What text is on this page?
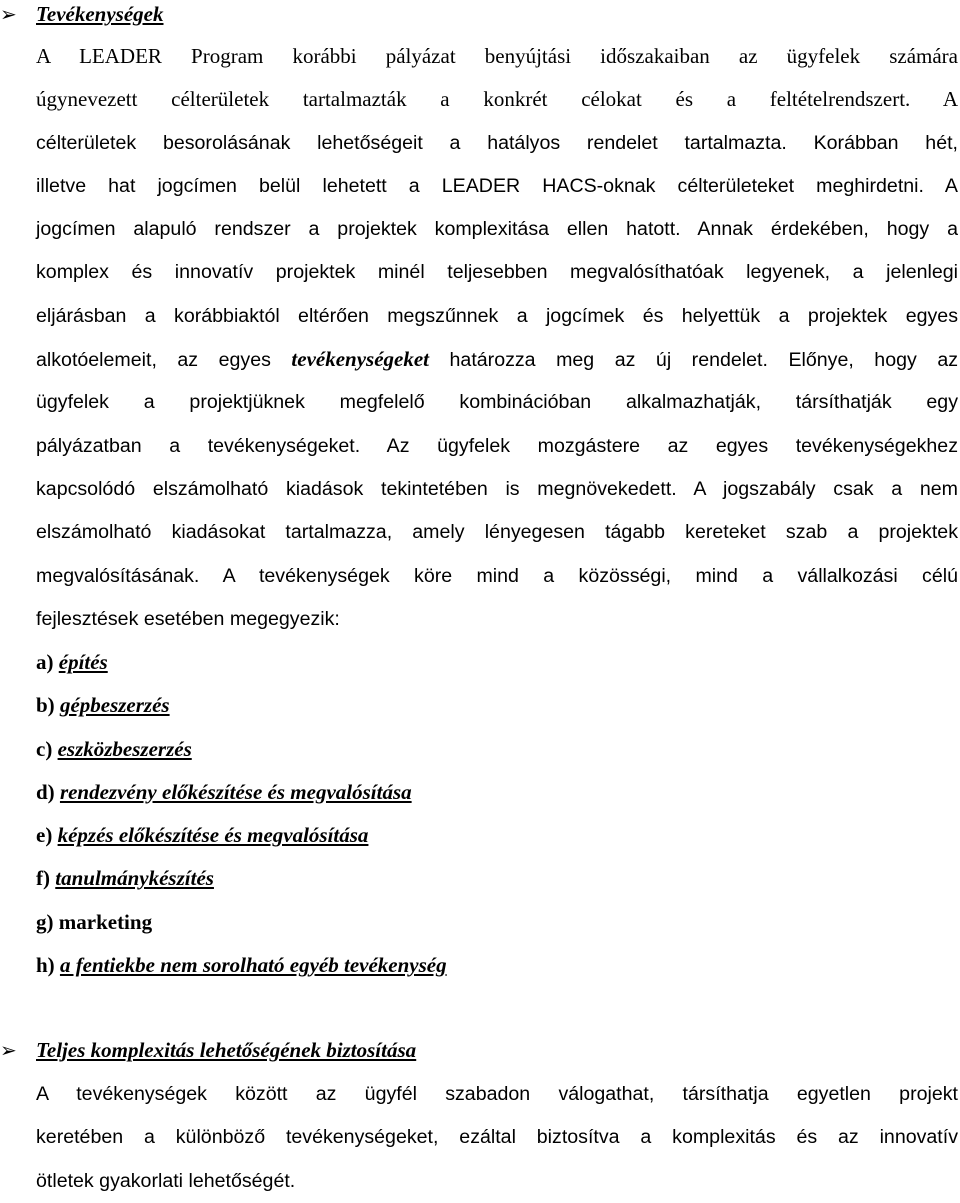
➢ Tevékenységek
A LEADER Program korábbi pályázat benyújtási időszakaiban az ügyfelek számára
úgynevezett célterületek tartalmazták a konkrét célokat és a feltételrendszert. A
célterületek besorolásának lehetőségeit a hatályos rendelet tartalmazta. Korábban hét,
illetve hat jogcímen belül lehetett a LEADER HACS-oknak célterületeket meghirdetni. A
jogcímen alapuló rendszer a projektek komplexitása ellen hatott. Annak érdekében, hogy a
komplex és innovatív projektek minél teljesebben megvalósíthatóak legyenek, a jelenlegi
eljárásban a korábbiaktól eltérően megszűnnek a jogcímek és helyettük a projektek egyes
alkotóelemeit, az egyes tevékenységeket határozza meg az új rendelet. Előnye, hogy az
ügyfelek a projektjüknek megfelelő kombinációban alkalmazhatják, társíthatják egy
pályázatban a tevékenységeket. Az ügyfelek mozgástere az egyes tevékenységekhez
kapcsolódó elszámolható kiadások tekintetében is megnövekedett. A jogszabály csak a nem
elszámolható kiadásokat tartalmazza, amely lényegesen tágabb kereteket szab a projektek
megvalósításának. A tevékenységek köre mind a közösségi, mind a vállalkozási célú
fejlesztések esetében megegyezik:
a) építés
b) gépbeszerzés
c) eszközbeszerzés
d) rendezvény előkészítése és megvalósítása
e) képzés előkészítése és megvalósítása
f) tanulmánykészítés
g) marketing
h) a fentiekbe nem sorolható egyéb tevékenység
➢ Teljes komplexitás lehetőségének biztosítása
A tevékenységek között az ügyfél szabadon válogathat, társíthatja egyetlen projekt
keretében a különböző tevékenységeket, ezáltal biztosítva a komplexitás és az innovatív
ötletek gyakorlati lehetőségét.
